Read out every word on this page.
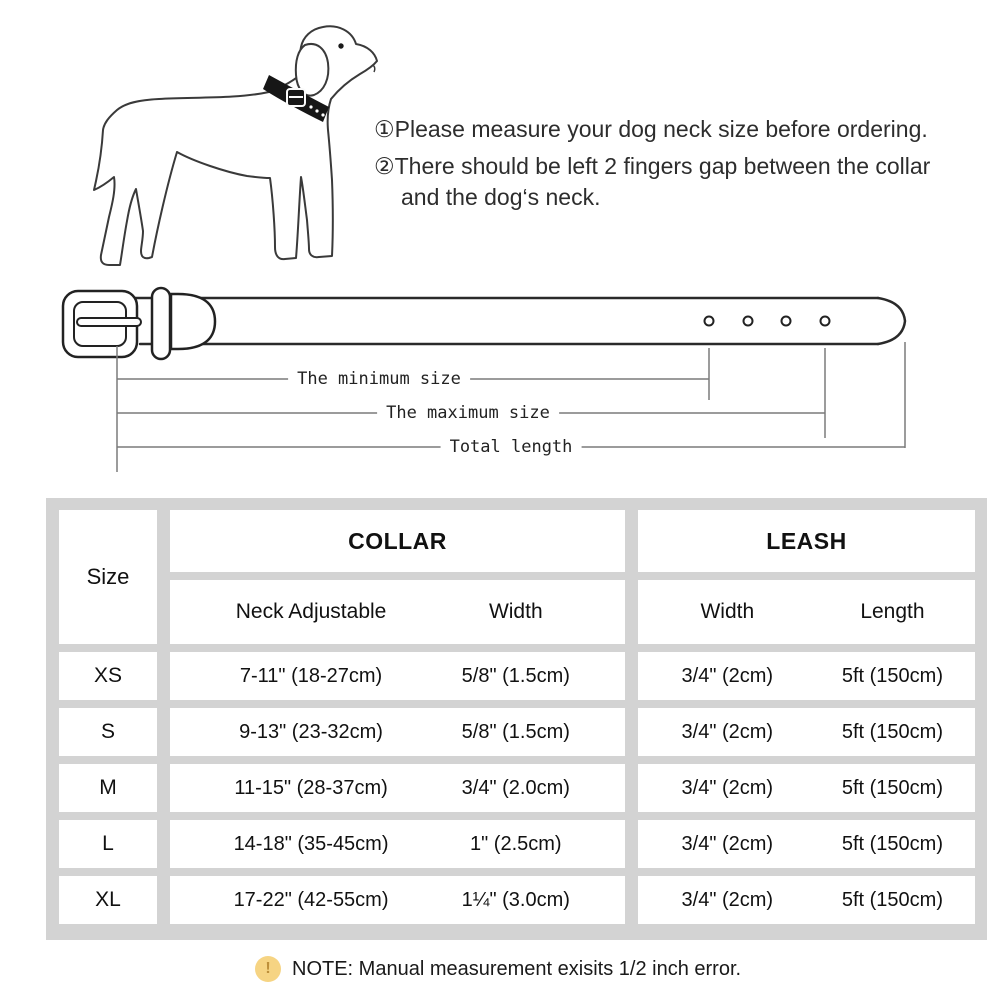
①Please measure your dog neck size before ordering.
②There should be left 2 fingers gap between the collar and the dog‘s neck.
The minimum size
The maximum size
Total length
Size
COLLAR	LEASH
Neck Adjustable	Width	Width	Length
XS	7-11" (18-27cm)	5/8" (1.5cm)	3/4" (2cm)	5ft (150cm)
S	9-13" (23-32cm)	5/8" (1.5cm)	3/4" (2cm)	5ft (150cm)
M	11-15" (28-37cm)	3/4" (2.0cm)	3/4" (2cm)	5ft (150cm)
L	14-18" (35-45cm)	1" (2.5cm)	3/4" (2cm)	5ft (150cm)
XL	17-22" (42-55cm)	1¼" (3.0cm)	3/4" (2cm)	5ft (150cm)
!	NOTE: Manual measurement exisits 1/2 inch error.
